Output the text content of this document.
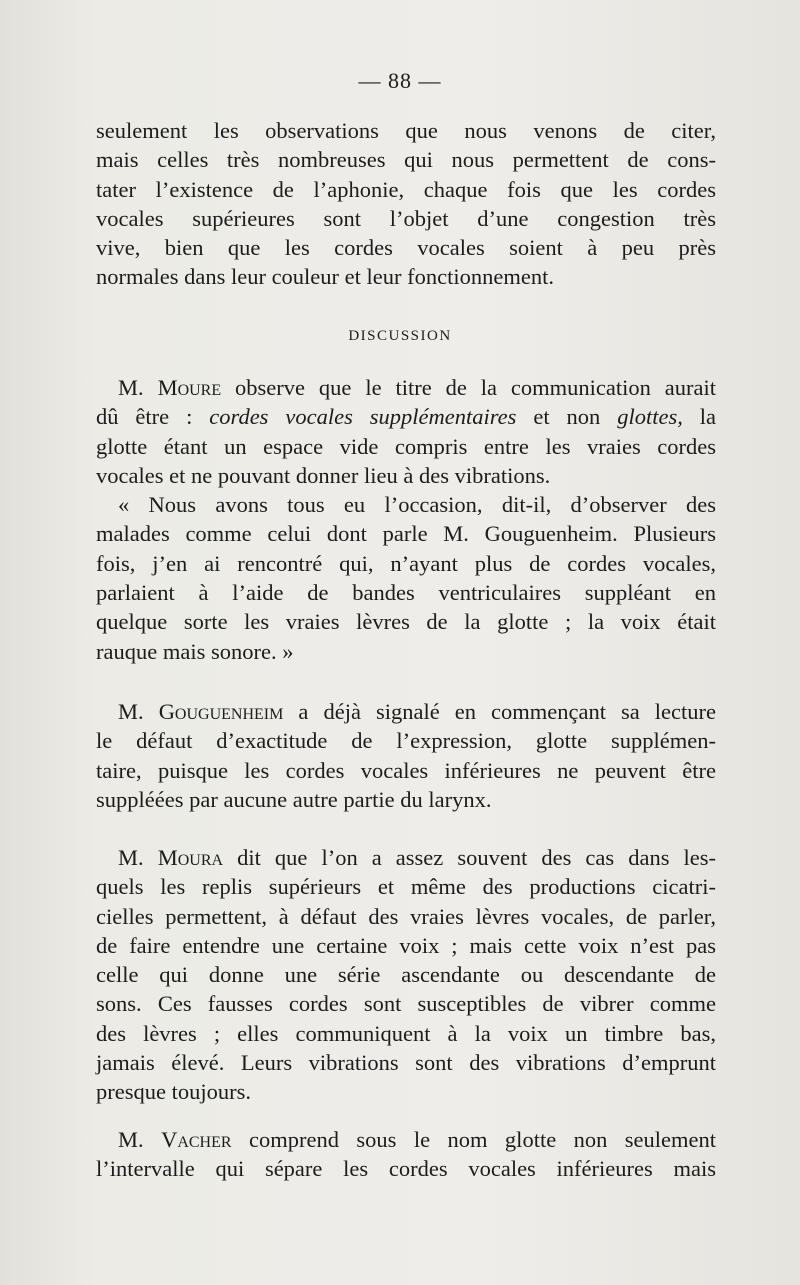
— 88 —
seulement les observations que nous venons de citer,
mais celles très nombreuses qui nous permettent de cons-
tater l’existence de l’aphonie, chaque fois que les cordes
vocales supérieures sont l’objet d’une congestion très
vive, bien que les cordes vocales soient à peu près
normales dans leur couleur et leur fonctionnement.
DISCUSSION
M. Moure observe que le titre de la communication aurait
dû être : cordes vocales supplémentaires et non glottes, la
glotte étant un espace vide compris entre les vraies cordes
vocales et ne pouvant donner lieu à des vibrations.
« Nous avons tous eu l’occasion, dit-il, d’observer des
malades comme celui dont parle M. Gouguenheim. Plusieurs
fois, j’en ai rencontré qui, n’ayant plus de cordes vocales,
parlaient à l’aide de bandes ventriculaires suppléant en
quelque sorte les vraies lèvres de la glotte ; la voix était
rauque mais sonore. »
M. Gouguenheim a déjà signalé en commençant sa lecture
le défaut d’exactitude de l’expression, glotte supplémen-
taire, puisque les cordes vocales inférieures ne peuvent être
suppléées par aucune autre partie du larynx.
M. Moura dit que l’on a assez souvent des cas dans les-
quels les replis supérieurs et même des productions cicatri-
cielles permettent, à défaut des vraies lèvres vocales, de parler,
de faire entendre une certaine voix ; mais cette voix n’est pas
celle qui donne une série ascendante ou descendante de
sons. Ces fausses cordes sont susceptibles de vibrer comme
des lèvres ; elles communiquent à la voix un timbre bas,
jamais élevé. Leurs vibrations sont des vibrations d’emprunt
presque toujours.
M. Vacher comprend sous le nom glotte non seulement
l’intervalle qui sépare les cordes vocales inférieures mais
